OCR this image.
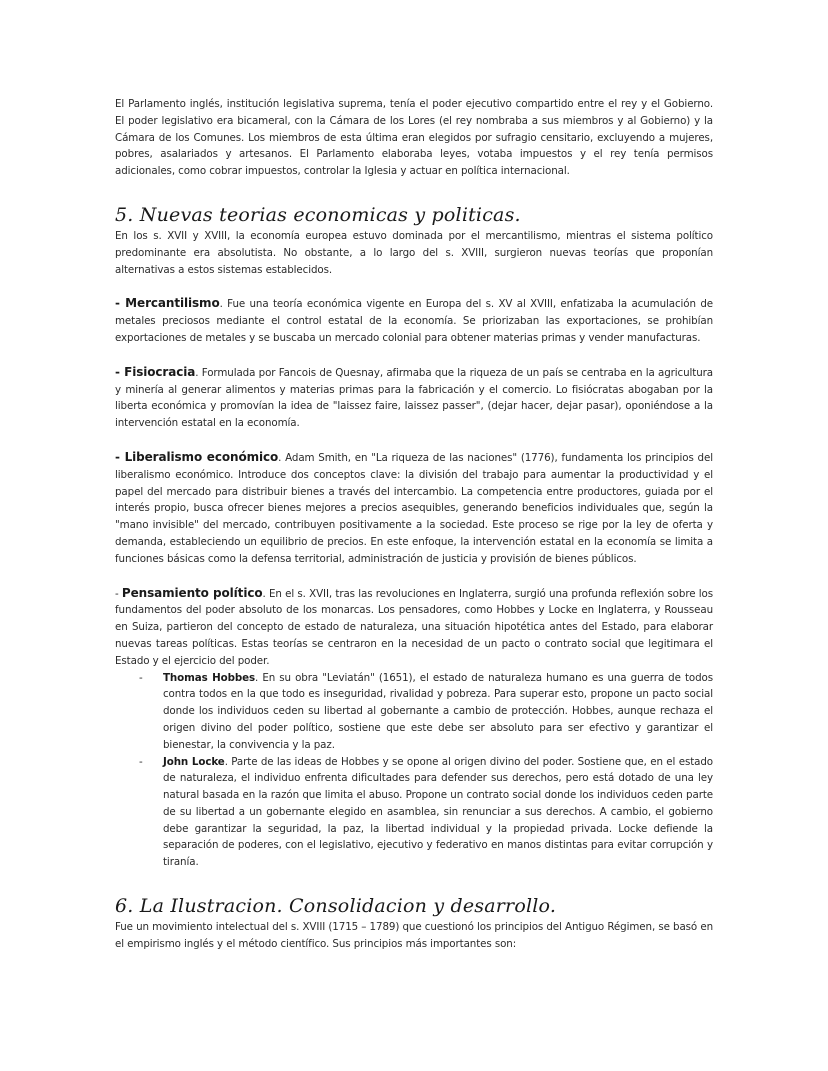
El Parlamento inglés, institución legislativa suprema, tenía el poder ejecutivo compartido entre el rey y el Gobierno. El poder legislativo era bicameral, con la Cámara de los Lores (el rey nombraba a sus miembros y al Gobierno) y la Cámara de los Comunes. Los miembros de esta última eran elegidos por sufragio censitario, excluyendo a mujeres, pobres, asalariados y artesanos. El Parlamento elaboraba leyes, votaba impuestos y el rey tenía permisos adicionales, como cobrar impuestos, controlar la Iglesia y actuar en política internacional.

5. Nuevas teorias economicas y politicas.

En los s. XVII y XVIII, la economía europea estuvo dominada por el mercantilismo, mientras el sistema político predominante era absolutista. No obstante, a lo largo del s. XVIII, surgieron nuevas teorías que proponían alternativas a estos sistemas establecidos.

- Mercantilismo. Fue una teoría económica vigente en Europa del s. XV al XVIII, enfatizaba la acumulación de metales preciosos mediante el control estatal de la economía. Se priorizaban las exportaciones, se prohibían exportaciones de metales y se buscaba un mercado colonial para obtener materias primas y vender manufacturas.

- Fisiocracia. Formulada por Fancois de Quesnay, afirmaba que la riqueza de un país se centraba en la agricultura y minería al generar alimentos y materias primas para la fabricación y el comercio. Lo fisiócratas abogaban por la liberta económica y promovían la idea de "laissez faire, laissez passer", (dejar hacer, dejar pasar), oponiéndose a la intervención estatal en la economía.

- Liberalismo económico. Adam Smith, en "La riqueza de las naciones" (1776), fundamenta los principios del liberalismo económico. Introduce dos conceptos clave: la división del trabajo para aumentar la productividad y el papel del mercado para distribuir bienes a través del intercambio. La competencia entre productores, guiada por el interés propio, busca ofrecer bienes mejores a precios asequibles, generando beneficios individuales que, según la "mano invisible" del mercado, contribuyen positivamente a la sociedad. Este proceso se rige por la ley de oferta y demanda, estableciendo un equilibrio de precios. En este enfoque, la intervención estatal en la economía se limita a funciones básicas como la defensa territorial, administración de justicia y provisión de bienes públicos.

- Pensamiento político. En el s. XVII, tras las revoluciones en Inglaterra, surgió una profunda reflexión sobre los fundamentos del poder absoluto de los monarcas. Los pensadores, como Hobbes y Locke en Inglaterra, y Rousseau en Suiza, partieron del concepto de estado de naturaleza, una situación hipotética antes del Estado, para elaborar nuevas tareas políticas. Estas teorías se centraron en la necesidad de un pacto o contrato social que legitimara el Estado y el ejercicio del poder.

- Thomas Hobbes. En su obra "Leviatán" (1651), el estado de naturaleza humano es una guerra de todos contra todos en la que todo es inseguridad, rivalidad y pobreza. Para superar esto, propone un pacto social donde los individuos ceden su libertad al gobernante a cambio de protección. Hobbes, aunque rechaza el origen divino del poder político, sostiene que este debe ser absoluto para ser efectivo y garantizar el bienestar, la convivencia y la paz.

- John Locke. Parte de las ideas de Hobbes y se opone al origen divino del poder. Sostiene que, en el estado de naturaleza, el individuo enfrenta dificultades para defender sus derechos, pero está dotado de una ley natural basada en la razón que limita el abuso. Propone un contrato social donde los individuos ceden parte de su libertad a un gobernante elegido en asamblea, sin renunciar a sus derechos. A cambio, el gobierno debe garantizar la seguridad, la paz, la libertad individual y la propiedad privada. Locke defiende la separación de poderes, con el legislativo, ejecutivo y federativo en manos distintas para evitar corrupción y tiranía.

6. La Ilustracion. Consolidacion y desarrollo.

Fue un movimiento intelectual del s. XVIII (1715 – 1789) que cuestionó los principios del Antiguo Régimen, se basó en el empirismo inglés y el método científico. Sus principios más importantes son:
